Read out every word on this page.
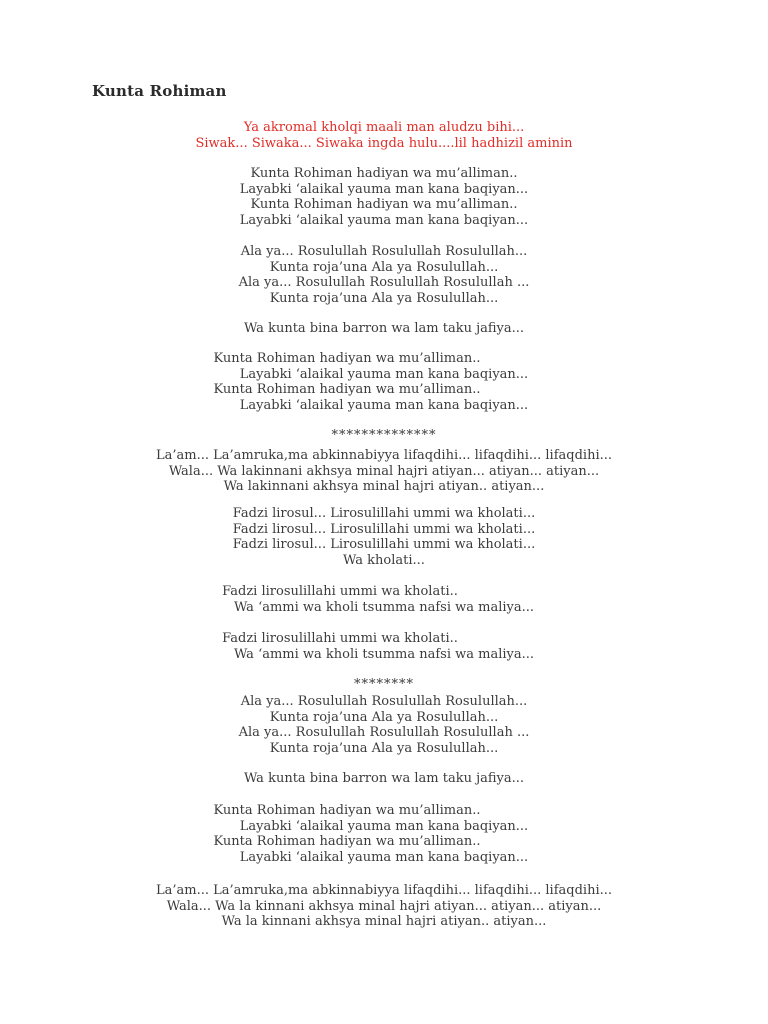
Kunta Rohiman
Ya akromal kholqi maali man aludzu bihi...
Siwak... Siwaka... Siwaka ingda hulu....lil hadhizil aminin
Kunta Rohiman hadiyan wa mu’alliman..
Layabki ‘alaikal yauma man kana baqiyan...
Kunta Rohiman hadiyan wa mu’alliman..
Layabki ‘alaikal yauma man kana baqiyan...
Ala ya... Rosulullah Rosulullah Rosulullah...
Kunta roja’una Ala ya Rosulullah...
Ala ya... Rosulullah Rosulullah Rosulullah ...
Kunta roja’una Ala ya Rosulullah...
Wa kunta bina barron wa lam taku jafiya...
Kunta Rohiman hadiyan wa mu’alliman..
Layabki ‘alaikal yauma man kana baqiyan...
Kunta Rohiman hadiyan wa mu’alliman..
Layabki ‘alaikal yauma man kana baqiyan...
**************
La’am... La’amruka,ma abkinnabiyya lifaqdihi... lifaqdihi... lifaqdihi...
Wala... Wa lakinnani akhsya minal hajri atiyan... atiyan... atiyan...
Wa lakinnani akhsya minal hajri atiyan.. atiyan...
Fadzi lirosul... Lirosulillahi ummi wa kholati...
Fadzi lirosul... Lirosulillahi ummi wa kholati...
Fadzi lirosul... Lirosulillahi ummi wa kholati...
Wa kholati...
Fadzi lirosulillahi ummi wa kholati..
Wa ‘ammi wa kholi tsumma nafsi wa maliya...
Fadzi lirosulillahi ummi wa kholati..
Wa ‘ammi wa kholi tsumma nafsi wa maliya...
********
Ala ya... Rosulullah Rosulullah Rosulullah...
Kunta roja’una Ala ya Rosulullah...
Ala ya... Rosulullah Rosulullah Rosulullah ...
Kunta roja’una Ala ya Rosulullah...
Wa kunta bina barron wa lam taku jafiya...
Kunta Rohiman hadiyan wa mu’alliman..
Layabki ‘alaikal yauma man kana baqiyan...
Kunta Rohiman hadiyan wa mu’alliman..
Layabki ‘alaikal yauma man kana baqiyan...
La’am... La’amruka,ma abkinnabiyya lifaqdihi... lifaqdihi... lifaqdihi...
Wala... Wa la kinnani akhsya minal hajri atiyan... atiyan... atiyan...
Wa la kinnani akhsya minal hajri atiyan.. atiyan...
